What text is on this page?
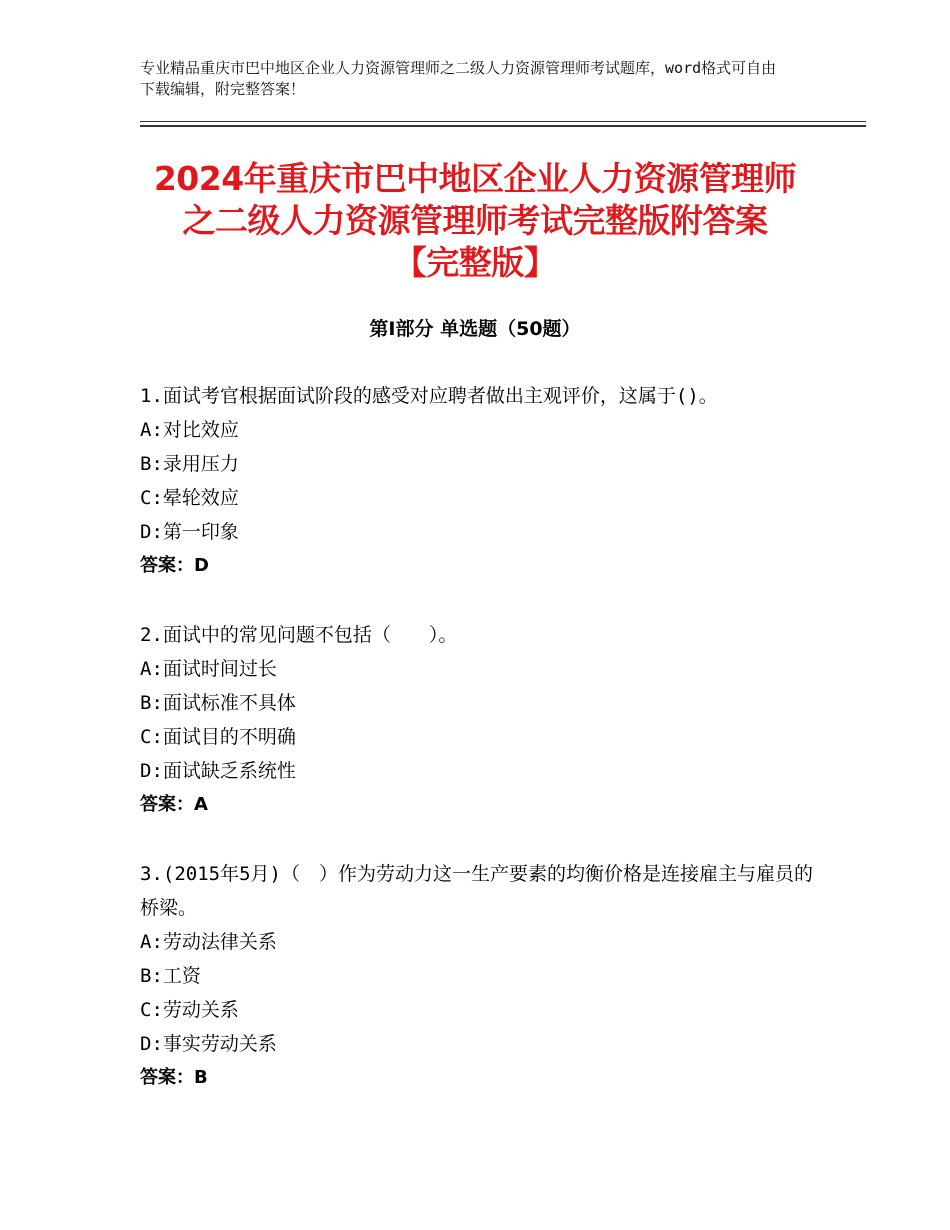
专业精品重庆市巴中地区企业人力资源管理师之二级人力资源管理师考试题库，word格式可自由下载编辑，附完整答案！
2024年重庆市巴中地区企业人力资源管理师
之二级人力资源管理师考试完整版附答案
【完整版】
第Ⅰ部分 单选题（50题）

1.面试考官根据面试阶段的感受对应聘者做出主观评价，这属于()。

A:对比效应

B:录用压力

C:晕轮效应

D:第一印象

答案：D

2.面试中的常见问题不包括（　　）。

A:面试时间过长

B:面试标准不具体

C:面试目的不明确

D:面试缺乏系统性

答案：A

3.(2015年5月)（　）作为劳动力这一生产要素的均衡价格是连接雇主与雇员的桥梁。

A:劳动法律关系

B:工资

C:劳动关系

D:事实劳动关系

答案：B
